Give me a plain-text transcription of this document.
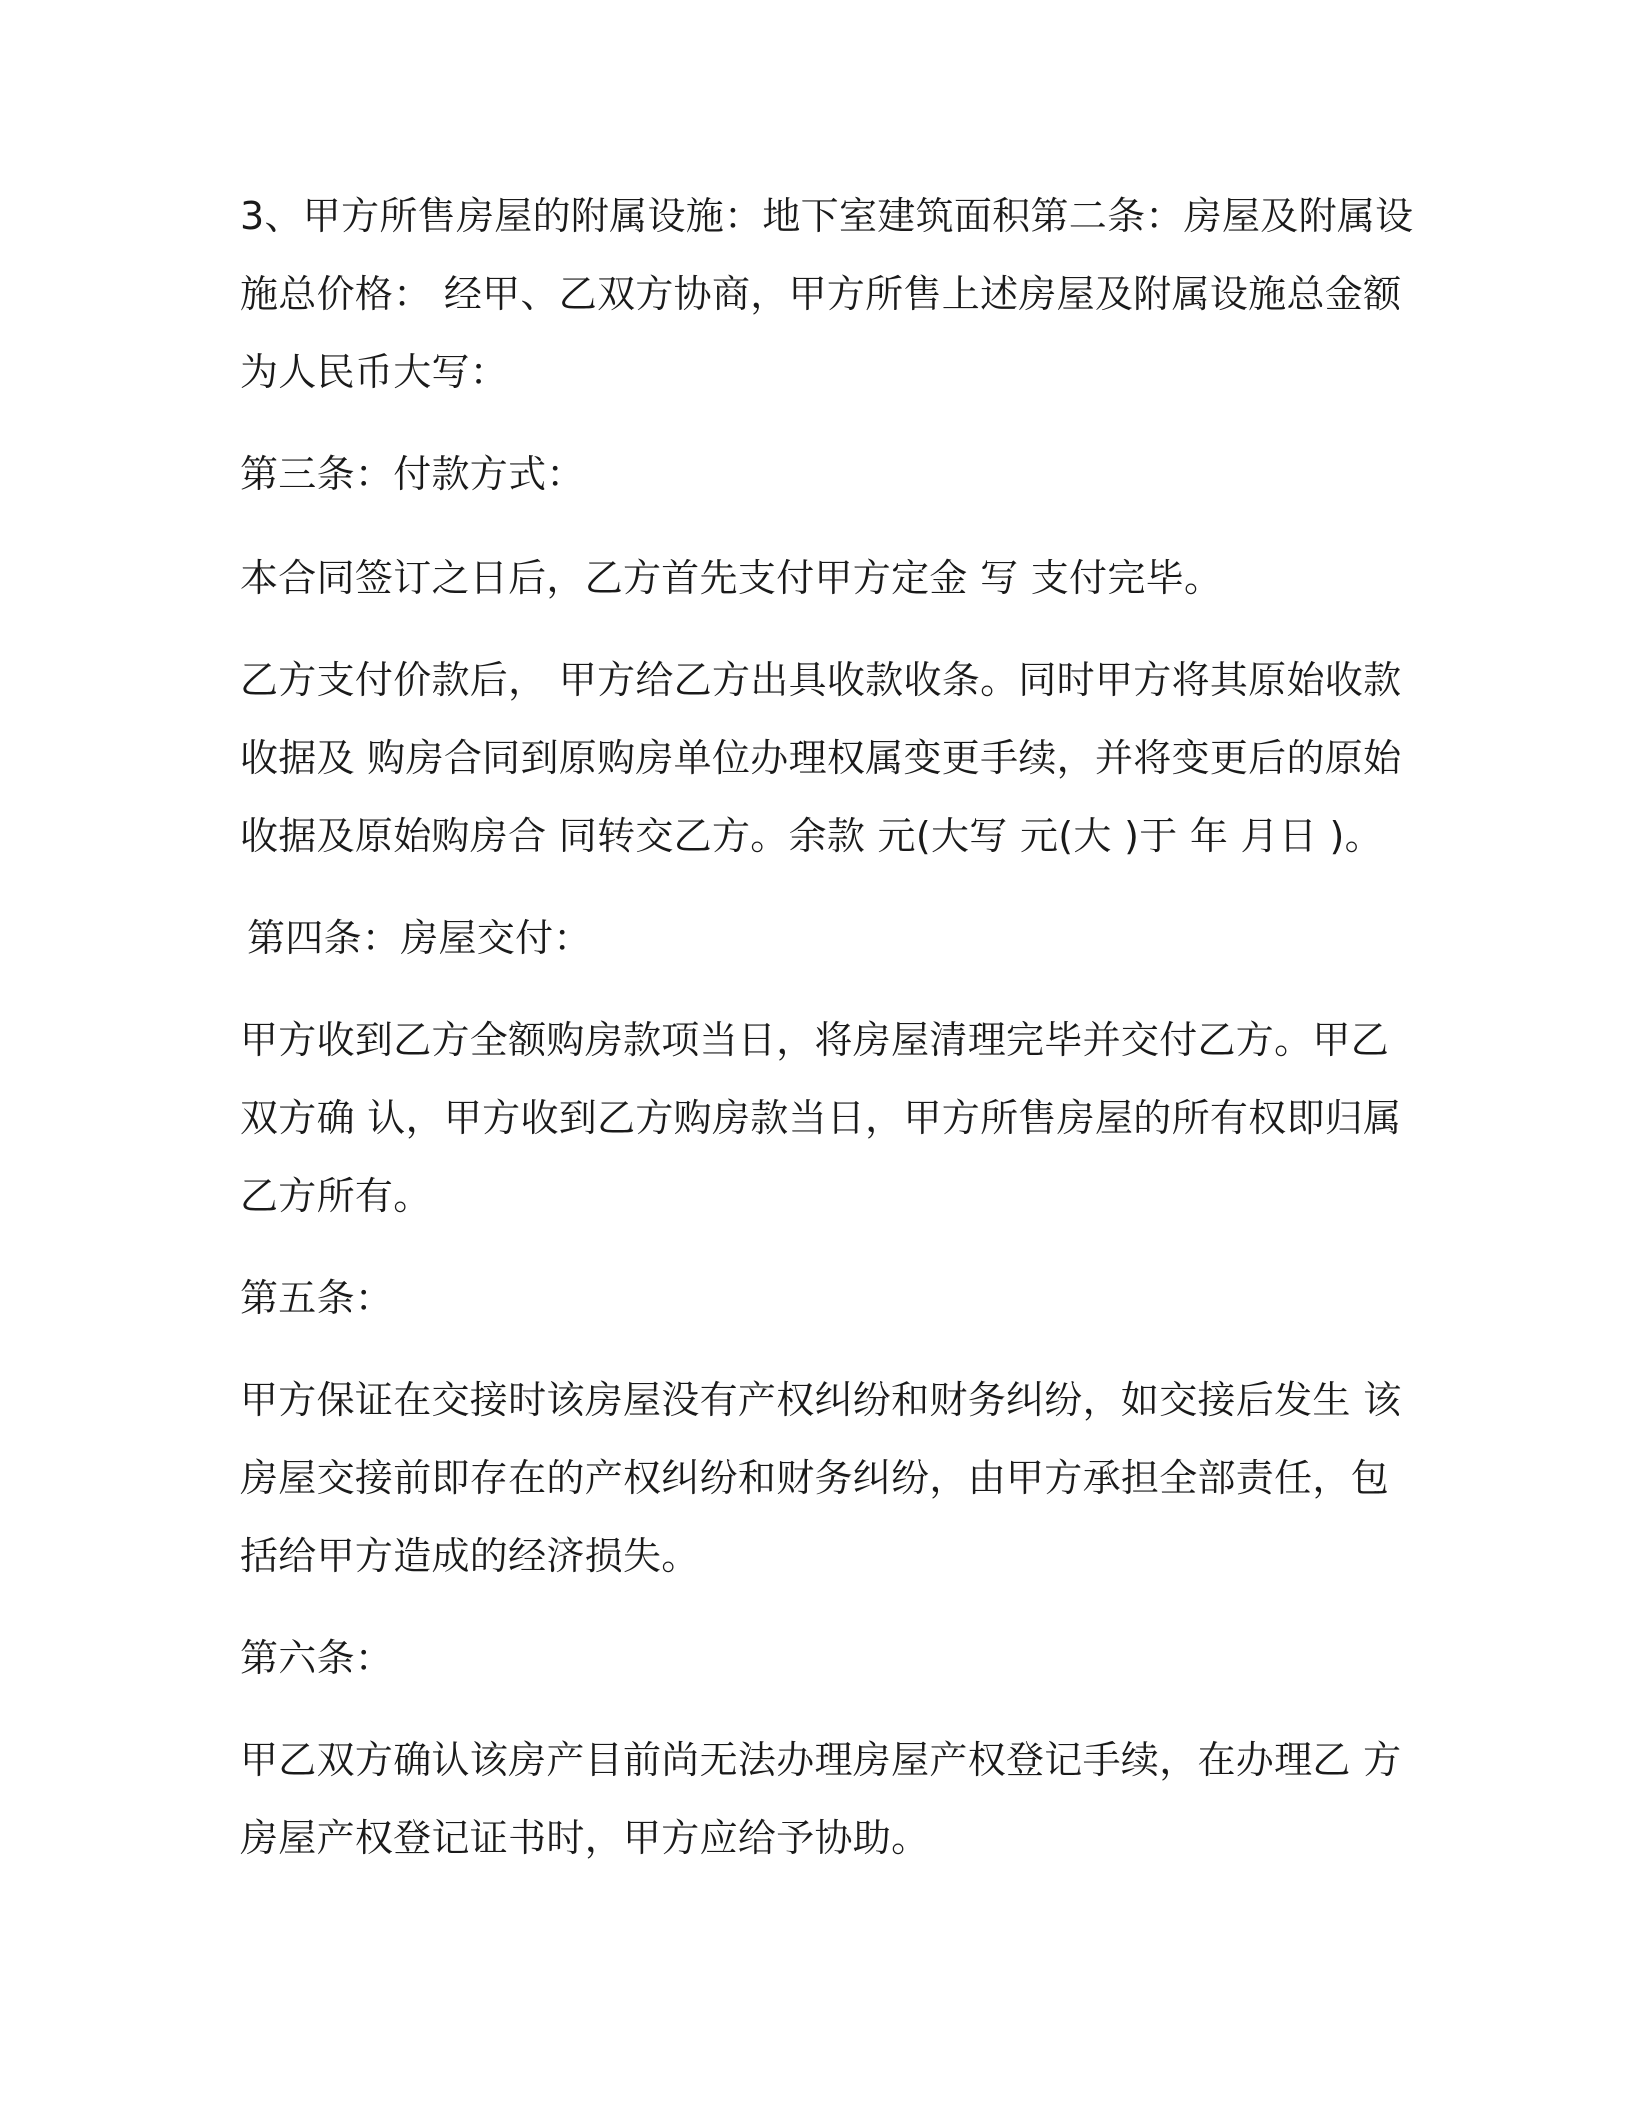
3、甲方所售房屋的附属设施：地下室建筑面积第二条：房屋及附属设
施总价格： 经甲、乙双方协商，甲方所售上述房屋及附属设施总金额
为人民币大写：
第三条：付款方式：
本合同签订之日后，乙方首先支付甲方定金 写 支付完毕。
乙方支付价款后， 甲方给乙方出具收款收条。同时甲方将其原始收款
收据及 购房合同到原购房单位办理权属变更手续，并将变更后的原始
收据及原始购房合 同转交乙方。余款 元(大写 元(大 )于 年 月日 )。
第四条：房屋交付：
甲方收到乙方全额购房款项当日，将房屋清理完毕并交付乙方。甲乙
双方确 认，甲方收到乙方购房款当日，甲方所售房屋的所有权即归属
乙方所有。
第五条：
甲方保证在交接时该房屋没有产权纠纷和财务纠纷，如交接后发生 该
房屋交接前即存在的产权纠纷和财务纠纷，由甲方承担全部责任，包
括给甲方造成的经济损失。
第六条：
甲乙双方确认该房产目前尚无法办理房屋产权登记手续，在办理乙 方
房屋产权登记证书时，甲方应给予协助。
